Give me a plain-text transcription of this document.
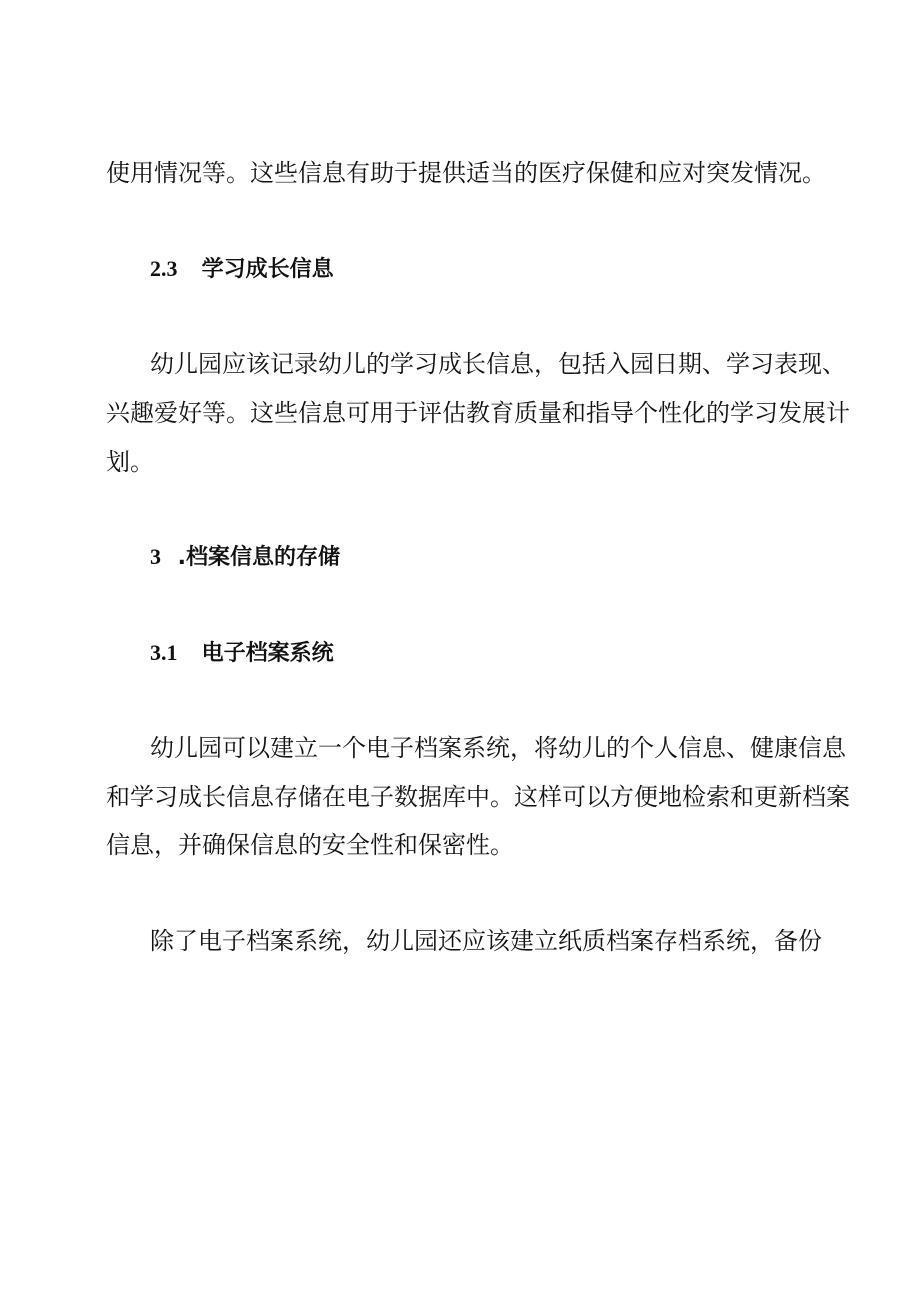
使用情况等。这些信息有助于提供适当的医疗保健和应对突发情况。

2.3 学习成长信息

幼儿园应该记录幼儿的学习成长信息，包括入园日期、学习表现、

兴趣爱好等。这些信息可用于评估教育质量和指导个性化的学习发展计

划。

3 .档案信息的存储
3.1 电子档案系统

幼儿园可以建立一个电子档案系统，将幼儿的个人信息、健康信息

和学习成长信息存储在电子数据库中。这样可以方便地检索和更新档案

信息，并确保信息的安全性和保密性。

除了电子档案系统，幼儿园还应该建立纸质档案存档系统，备份
